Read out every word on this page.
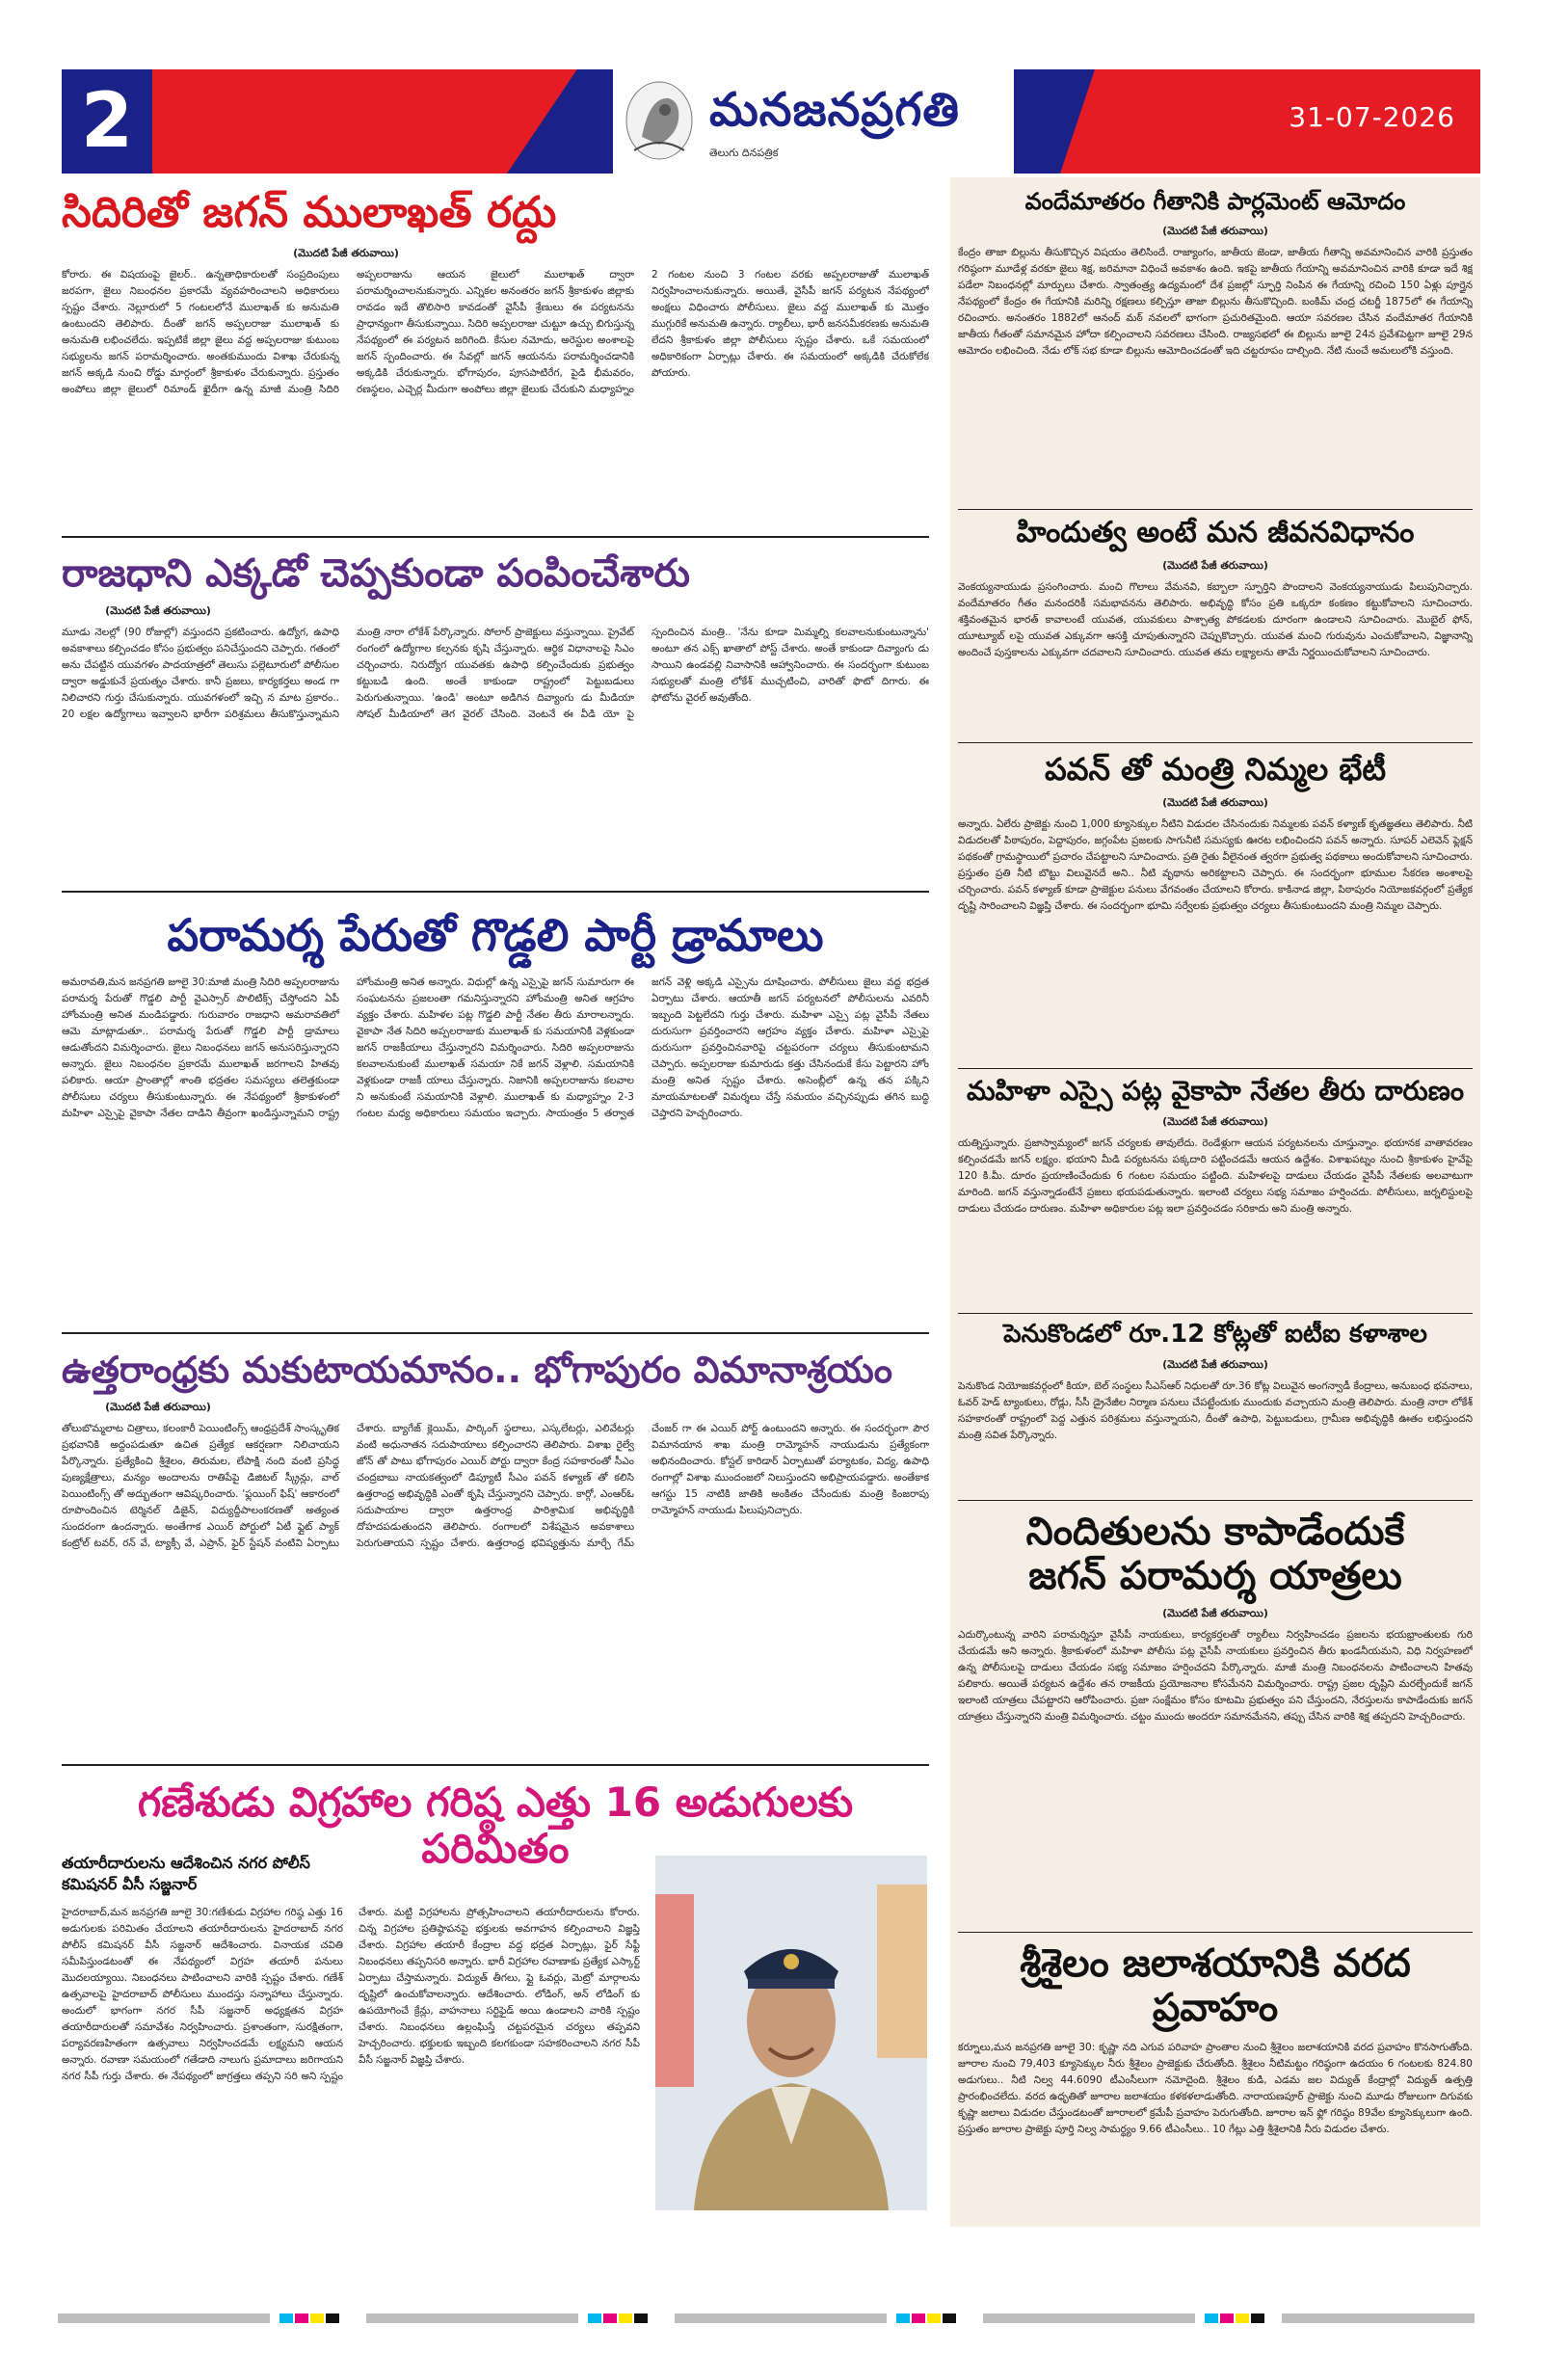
2	మనజనప్రగతి
తెలుగు దినపత్రిక
31-07-2026
సిదిరితో జగన్ ములాఖత్ రద్దు
(మొదటి పేజీ తరువాయి)
కోరారు. ఈ విషయంపై జైలర్.. ఉన్నతాధికారులతో సంప్రదింపులు జరపగా, జైలు నిబంధనల ప్రకారమే వ్యవహరించాలని అధికారులు స్పష్టం చేశారు. నెల్లూరులో 5 గంటలలోనే ములాఖత్ కు అనుమతి ఉంటుందని తెలిపారు. దీంతో జగన్ అప్పలరాజు ములాఖత్ కు అనుమతి లభించలేదు. ఇప్పటికే జిల్లా జైలు వద్ద అప్పలరాజు కుటుంబ సభ్యులను జగన్ పరామర్శించారు. అంతకుముందు విశాఖ చేరుకున్న జగన్ అక్కడి నుంచి రోడ్డు మార్గంలో శ్రీకాకుళం చేరుకున్నారు. ప్రస్తుతం అంపోలు జిల్లా జైలులో రిమాండ్ ఖైదీగా ఉన్న మాజీ మంత్రి సిదిరి అప్పలరాజును ఆయన జైలులో ములాఖత్ ద్వారా పరామర్శించాలనుకున్నారు. ఎన్నికల అనంతరం జగన్ శ్రీకాకుళం జిల్లాకు రావడం ఇదే తొలిసారి కావడంతో వైసీపీ శ్రేణులు ఈ పర్యటనను ప్రాధాన్యంగా తీసుకున్నాయి. సిదిరి అప్పలరాజు చుట్టూ ఉచ్చు బిగుస్తున్న నేపథ్యంలో ఈ పర్యటన జరిగింది. కేసుల నమోదు, అరెస్టుల అంశాలపై జగన్ స్పందించారు. ఈ సేవల్లో జగన్ ఆయనను పరామర్శించడానికి అక్కడికి చేరుకున్నారు. భోగాపురం, పూసపాటిరేగ, పైడి భీమవరం, రణస్థలం, ఎచ్చెర్ల మీదుగా అంపోలు జిల్లా జైలుకు చేరుకుని మధ్యాహ్నం 2 గంటల నుంచి 3 గంటల వరకు అప్పలరాజుతో ములాఖత్ నిర్వహించాలనుకున్నారు. అయితే, వైసీపీ జగన్ పర్యటన నేపథ్యంలో అంక్షలు విధించారు పోలీసులు. జైలు వద్ద ములాఖత్ కు మొత్తం ముగ్గురికే అనుమతి ఉన్నారు. ర్యాలీలు, భారీ జనసమీకరణకు అనుమతి లేదని శ్రీకాకుళం జిల్లా పోలీసులు స్పష్టం చేశారు. ఒకే సమయంలో అధికారికంగా ఏర్పాట్లు చేశారు. ఈ సమయంలో అక్కడికి చేరుకోలేక పోయారు.
రాజధాని ఎక్కడో చెప్పకుండా పంపించేశారు
(మొదటి పేజీ తరువాయి)
మూడు నెలల్లో (90 రోజుల్లో) వస్తుందని ప్రకటించారు. ఉద్యోగ, ఉపాధి అవకాశాలు కల్పించడం కోసం ప్రభుత్వం పనిచేస్తుందని చెప్పారు. గతంలో అను చేపట్టిన యువగళం పాదయాత్రలో తెలుసు పల్లెటూరులో పోలీసుల ద్వారా అడ్డుకునే ప్రయత్నం చేశారు. కానీ ప్రజలు, కార్యకర్తలు అండ గా నిలిచారని గుర్తు చేసుకున్నారు. యువగళంలో ఇచ్చి న మాట ప్రకారం.. 20 లక్షల ఉద్యోగాలు ఇవ్వాలని భారీగా పరిశ్రమలు తీసుకొస్తున్నామని మంత్రి నారా లోకేశ్ పేర్కొన్నారు. సోలార్ ప్రాజెక్టులు వస్తున్నాయి. ప్రైవేట్ రంగంలో ఉద్యోగాల కల్పనకు కృషి చేస్తున్నారు. ఆర్థిక విధానాలపై సిఎం చర్చించారు. నిరుద్యోగ యువతకు ఉపాధి కల్పించేందుకు ప్రభుత్వం కట్టుబడి ఉంది. అంతే కాకుండా రాష్ట్రంలో పెట్టుబడులు పెరుగుతున్నాయి. 'ఉండి' అంటూ అడిగిన దివ్యాంగు డు మీడియా సోషల్ మీడియాలో తెగ వైరల్ చేసింది. వెంటనే ఈ వీడి యో పై స్పందించిన మంత్రి.. 'నేను కూడా మిమ్మల్ని కలవాలనుకుంటున్నాను' అంటూ తన ఎక్స్ ఖాతాలో పోస్ట్ చేశారు. అంతే కాకుండా దివ్యాంగు డు సాయిని ఉండవల్లి నివాసానికి ఆహ్వానించారు. ఈ సందర్భంగా కుటుంబ సభ్యులతో మంత్రి లోకేశ్ ముచ్చటించి, వారితో ఫొటో దిగారు. ఈ ఫోటోను వైరల్ అవుతోంది.
పరామర్శ పేరుతో గొడ్డలి పార్టీ డ్రామాలు
అమరావతి,మన జనప్రగతి జూలై 30:మాజీ మంత్రి సిదిరి అప్పలరాజును పరామర్శ పేరుతో గొడ్డలి పార్టీ వైఎస్సార్ పొలిటిక్స్ చేస్తోందని ఏపీ హోంమంత్రి అనిత మండిపడ్డారు. గురువారం రాజధాని అమరావతిలో ఆమె మాట్లాడుతూ.. పరామర్శ పేరుతో గొడ్డలి పార్టీ డ్రామాలు ఆడుతోందని విమర్శించారు. జైలు నిబంధనలు జగన్ అనుసరిస్తున్నారని అన్నారు. జైలు నిబంధనల ప్రకారమే ములాఖత్ జరగాలని హితవు పలికారు. ఆయా ప్రాంతాల్లో శాంతి భద్రతల సమస్యలు తలెత్తకుండా పోలీసులు చర్యలు తీసుకుంటున్నారు. ఈ నేపథ్యంలో శ్రీకాకుళంలో మహిళా ఎస్సైపై వైకాపా నేతల దాడిని తీవ్రంగా ఖండిస్తున్నామని రాష్ట్ర హోంమంత్రి అనిత అన్నారు. విధుల్లో ఉన్న ఎస్సైపై జగన్ సుమారుగా ఈ సంఘటనను ప్రజలంతా గమనిస్తున్నారని హోంమంత్రి అనిత ఆగ్రహం వ్యక్తం చేశారు. మహిళల పట్ల గొడ్డలి పార్టీ నేతల తీరు మారాలన్నారు. వైకాపా నేత సిదిరి అప్పలరాజుకు ములాఖత్ కు సమయానికి వెళ్లకుండా జగన్ రాజకీయాలు చేస్తున్నారని విమర్శించారు. సిదిరి అప్పలరాజును కలవాలనుకుంటే ములాఖత్ సమయా నికే జగన్ వెళ్లాలి. సమయానికి వెళ్లకుండా రాజకీ యాలు చేస్తున్నారు. నిజానికి అప్పలరాజును కలవాల ని అనుకుంటే సమయానికి వెళ్లాలి. ములాఖత్ కు మధ్యాహ్నం 2-3 గంటల మధ్య అధికారులు సమయం ఇచ్చారు. సాయంత్రం 5 తర్వాత జగన్ వెళ్లి అక్కడి ఎస్సైను దూషించారు. పోలీసులు జైలు వద్ద భద్రత ఏర్పాటు చేశారు. ఆయాతీ జగన్ పర్యటనలో పోలీసులను ఎవరినీ ఇబ్బంది పెట్టలేదని గుర్తు చేశారు. మహిళా ఎస్సై పట్ల వైసీపీ నేతలు దురుసుగా ప్రవర్తించారని ఆగ్రహం వ్యక్తం చేశారు. మహిళా ఎస్సైపై దురుసుగా ప్రవర్తించినవారిపై చట్టపరంగా చర్యలు తీసుకుంటామని చెప్పారు. అప్పలరాజు కుమారుడు కత్తు చేసినందుకే కేసు పెట్టారని హోం మంత్రి అనిత స్పష్టం చేశారు. అసెంబ్లీలో ఉన్న తన పక్కిని మాయమాటలతో విమర్శలు చేస్తే సమయం వచ్చినప్పుడు తగిన బుద్ధి చెప్తారని హెచ్చరించారు.
ఉత్తరాంధ్రకు మకుటాయమానం.. భోగాపురం విమానాశ్రయం
(మొదటి పేజీ తరువాయి)
తోలుబొమ్మలాట చిత్రాలు, కలంకారీ పెయింటింగ్స్ ఆంధ్రప్రదేశ్ సాంస్కృతిక ప్రభవానికి అద్దంపడుతూ ఉచిత ప్రత్యేక ఆకర్షణగా నిలిచాయని పేర్కొన్నారు. ప్రత్యేకించి శ్రీశైలం, తిరుమల, లేపాక్షి నంది వంటి ప్రసిద్ధ పుణ్యక్షేత్రాలు, మన్యం అందాలను రాతిపేపై డిజిటల్ స్క్రీన్లు, వాల్ పెయింటింగ్స్ తో అద్భుతంగా ఆవిష్కరించారు. 'ఫ్లయింగ్ ఫిష్' ఆకారంలో రూపొందించిన టెర్మినల్ డిజైన్, విద్యుద్దీపాలంకరణతో అత్యంత సుందరంగా ఉందన్నారు. అంతేగాక ఎయిర్ పోర్టులో ఏటీ ఫ్లైట్ ప్యాక్ కంట్రోల్ టవర్, రన్ వే, ట్యాక్సీ వే, ఎప్రాన్, ఫైర్ స్టేషన్ వంటివి ఏర్పాటు చేశారు. బ్యాగేజ్ క్లెయిమ్, పార్కింగ్ స్థలాలు, ఎస్కలేటర్లు, ఎలివేటర్లు వంటి అధునాతన సదుపాయాలు కల్పించారని తెలిపారు. విశాఖ రైల్వే జోన్ తో పాటు భోగాపురం ఎయిర్ పోర్టు ద్వారా కేంద్ర సహకారంతో సీఎం చంద్రబాబు నాయకత్వంలో డిప్యూటీ సీఎం పవన్ కళ్యాణ్ తో కలిసి ఉత్తరాంధ్ర అభివృద్ధికి ఎంతో కృషి చేస్తున్నారని చెప్పారు. కార్గో, ఎంఆర్ఓ సదుపాయాల ద్వారా ఉత్తరాంధ్ర పారిశ్రామిక అభివృద్ధికి దోహదపడుతుందని తెలిపారు. రంగాలలో విశేషమైన అవకాశాలు పెరుగుతాయని స్పష్టం చేశారు. ఉత్తరాంధ్ర భవిష్యత్తును మార్చే గేమ్ చేంజర్ గా ఈ ఎయిర్ పోర్ట్ ఉంటుందని అన్నారు. ఈ సందర్భంగా పౌర విమానయాన శాఖ మంత్రి రామ్మోహన్ నాయుడును ప్రత్యేకంగా అభినందించారు. కోస్టల్ కారిడార్ ఏర్పాటుతో పర్యాటకం, విద్య, ఉపాధి రంగాల్లో విశాఖ ముందంజలో నిలుస్తుందని అభిప్రాయపడ్డారు. అంతేకాక ఆగస్టు 15 నాటికి జాతికి అంకితం చేసేందుకు మంత్రి కింజరాపు రామ్మోహన్ నాయుడు పిలుపునిచ్చారు.
గణేశుడు విగ్రహాల గరిష్ఠ ఎత్తు 16 అడుగులకు పరిమితం
తయారీదారులను ఆదేశించిన నగర పోలీస్ కమిషనర్ వీసీ సజ్జనార్
హైదరాబాద్,మన జనప్రగతి జూలై 30:గణేశుడు విగ్రహాల గరిష్ఠ ఎత్తు 16 అడుగులకు పరిమితం చేయాలని తయారీదారులను హైదరాబాద్ నగర పోలీస్ కమిషనర్ వీసీ సజ్జనార్ ఆదేశించారు. వినాయక చవితి సమీపిస్తుండటంతో ఈ నేపథ్యంలో విగ్రహ తయారీ పనులు మొదలయ్యాయి. నిబంధనలు పాటించాలని వారికి స్పష్టం చేశారు. గణేశ్ ఉత్సవాలపై హైదరాబాద్ పోలీసులు ముందస్తు సన్నాహాలు చేస్తున్నారు. అందులో భాగంగా నగర సీపీ సజ్జనార్ అధ్యక్షతన విగ్రహ తయారీదారులతో సమావేశం నిర్వహించారు. ప్రశాంతంగా, సురక్షితంగా, పర్యావరణహితంగా ఉత్సవాలు నిర్వహించడమే లక్ష్యమని ఆయన అన్నారు. రవాణా సమయంలో గతేడాది నాలుగు ప్రమాదాలు జరిగాయని నగర సీపీ గుర్తు చేశారు. ఈ నేపథ్యంలో జాగ్రత్తలు తప్పని సరి అని స్పష్టం చేశారు. మట్టి విగ్రహాలను ప్రోత్సహించాలని తయారీదారులను కోరారు. చిన్న విగ్రహాల ప్రతిష్ఠాపనపై భక్తులకు అవగాహన కల్పించాలని విజ్ఞప్తి చేశారు. విగ్రహాల తయారీ కేంద్రాల వద్ద భద్రత ఏర్పాట్లు, ఫైర్ సేఫ్టీ నిబంధనలు తప్పనిసరి అన్నారు. భారీ విగ్రహాల రవాణాకు ప్రత్యేక ఎస్కార్ట్ ఏర్పాటు చేస్తామన్నారు. విద్యుత్ తీగలు, ఫ్లై ఓవర్లు, మెట్రో మార్గాలను దృష్టిలో ఉంచుకోవాలన్నారు. ఆదేశించారు. లోడింగ్, అన్ లోడింగ్ కు ఉపయోగించే క్రేన్లు, వాహనాలు సర్టిఫైడ్ అయి ఉండాలని వారికి స్పష్టం చేశారు. నిబంధనలు ఉల్లంఘిస్తే చట్టపరమైన చర్యలు తప్పవని హెచ్చరించారు. భక్తులకు ఇబ్బంది కలగకుండా సహకరించాలని నగర సీపీ వీసీ సజ్జనార్ విజ్ఞప్తి చేశారు.
వందేమాతరం గీతానికి పార్లమెంట్ ఆమోదం
(మొదటి పేజీ తరువాయి)
కేంద్రం తాజా బిల్లును తీసుకొచ్చిన విషయం తెలిసిందే. రాజ్యాంగం, జాతీయ జెండా, జాతీయ గీతాన్ని అవమానించిన వారికి ప్రస్తుతం గరిష్ఠంగా మూడేళ్ల వరకూ జైలు శిక్ష, జరిమానా విధించే అవకాశం ఉంది. ఇకపై జాతీయ గేయాన్ని అవమానించిన వారికి కూడా ఇదే శిక్ష పడేలా నిబంధనల్లో మార్పులు చేశారు. స్వాతంత్ర్య ఉద్యమంలో దేశ ప్రజల్లో స్ఫూర్తి నింపిన ఈ గేయాన్ని రచించి 150 ఏళ్లు పూర్తైన నేపథ్యంలో కేంద్రం ఈ గేయానికి మరిన్ని రక్షణలు కల్పిస్తూ తాజా బిల్లును తీసుకొచ్చింది. బంకిమ్ చంద్ర చటర్జీ 1875లో ఈ గేయాన్ని రచించారు. అనంతరం 1882లో ఆనంద్ మఠ్ నవలలో భాగంగా ప్రచురితమైంది. ఆయా సవరణల చేసిన వందేమాతర గేయానికి జాతీయ గీతంతో సమానమైన హోదా కల్పించాలని సవరణలు చేసింది. రాజ్యసభలో ఈ బిల్లును జూలై 24న ప్రవేశపెట్టగా జూలై 29న ఆమోదం లభించింది. నేడు లోక్ సభ కూడా బిల్లును ఆమోదించడంతో ఇది చట్టరూపం దాల్చింది. నేటి నుంచే అమలులోకి వస్తుంది.
హిందుత్వ అంటే మన జీవనవిధానం
(మొదటి పేజీ తరువాయి)
వెంకయ్యనాయుడు ప్రసంగించారు. మంచి గొలాలు వేమనవి, కబ్బాలా స్ఫూర్తిని పొందాలని వెంకయ్యనాయుడు పిలుపునిచ్చారు. వందేమాతరం గీతం మనందరికీ సమభావనను తెలిపారు. అభివృద్ధి కోసం ప్రతి ఒక్కరూ కంకణం కట్టుకోవాలని సూచించారు. శక్తివంతమైన భారత్ కావాలంటే యువత, యువకులు పాశ్చాత్య పోకడలకు దూరంగా ఉండాలని సూచించారు. మొబైల్ ఫోన్, యూట్యూబ్ లపై యువత ఎక్కువగా ఆసక్తి చూపుతున్నారని చెప్పుకొచ్చారు. యువత మంచి గురువును ఎంచుకోవాలని, విజ్ఞానాన్ని అందించే పుస్తకాలను ఎక్కువగా చదవాలని సూచించారు. యువత తమ లక్ష్యాలను తామే నిర్ణయించుకోవాలని సూచించారు.
పవన్ తో మంత్రి నిమ్మల భేటీ
(మొదటి పేజీ తరువాయి)
అన్నారు. ఏలేరు ప్రాజెక్టు నుంచి 1,000 క్యూసెక్కుల నీటిని విడుదల చేసినందుకు నిమ్మలకు పవన్ కళ్యాణ్ కృతజ్ఞతలు తెలిపారు. నీటి విడుదలతో పిఠాపురం, పెద్దాపురం, జగ్గంపేట ప్రజలకు సాగునీటి సమస్యకు ఊరట లభించిందని పవన్ అన్నారు. సూపర్ ఎలెవెన్ ఫ్లెక్షన్ పథకంతో గ్రామస్థాయిలో ప్రచారం చేపట్టాలని సూచించారు. ప్రతి రైతు వీలైనంత త్వరగా ప్రభుత్వ పథకాలు అందుకోవాలని సూచించారు. ప్రస్తుతం ప్రతి నీటి బొట్టు విలువైనదే అని.. నీటి వృథాను అరికట్టాలని చెప్పారు. ఈ సందర్భంగా భూముల సేకరణ అంశాలపై చర్చించారు. పవన్ కళ్యాణ్ కూడా ప్రాజెక్టుల పనులు వేగవంతం చేయాలని కోరారు. కాకినాడ జిల్లా, పిఠాపురం నియోజకవర్గంలో ప్రత్యేక దృష్టి సారించాలని విజ్ఞప్తి చేశారు. ఈ సందర్భంగా భూమి సర్వేలకు ప్రభుత్వం చర్యలు తీసుకుంటుందని మంత్రి నిమ్మల చెప్పారు.
మహిళా ఎస్సై పట్ల వైకాపా నేతల తీరు దారుణం
(మొదటి పేజీ తరువాయి)
యత్నిస్తున్నారు. ప్రజాస్వామ్యంలో జగన్ చర్యలకు తావులేదు. రెండేళ్లుగా ఆయన పర్యటనలను చూస్తున్నాం. భయానక వాతావరణం కల్పించడమే జగన్ లక్ష్యం. భయాని మీడి పర్యటనను పక్కదారి పట్టించడమే ఆయన ఉద్దేశం. విశాఖపట్నం నుంచి శ్రీకాకుళం హైవేపై 120 కి.మీ. దూరం ప్రయాణించేందుకు 6 గంటల సమయం పట్టింది. మహిళలపై దాడులు చేయడం వైసీపీ నేతలకు అలవాటుగా మారింది. జగన్ వస్తున్నాడంటేనే ప్రజలు భయపడుతున్నారు. ఇలాంటి చర్యలు సభ్య సమాజం హర్షించదు. పోలీసులు, జర్నలిస్టులపై దాడులు చేయడం దారుణం. మహిళా అధికారుల పట్ల ఇలా ప్రవర్తించడం సరికాదు అని మంత్రి అన్నారు.
పెనుకొండలో రూ.12 కోట్లతో ఐటీఐ కళాశాల
(మొదటి పేజీ తరువాయి)
పెనుకొండ నియోజకవర్గంలో కియా, బెల్ సంస్థలు సీఎస్ఆర్ నిధులతో రూ.36 కోట్ల విలువైన అంగన్వాడీ కేంద్రాలు, అనుబంధ భవనాలు, ఓవర్ హెడ్ ట్యాంకులు, రోడ్లు, సీసీ డ్రైనేజీల నిర్మాణ పనులు చేపట్టేందుకు ముందుకు వచ్చాయని మంత్రి తెలిపారు. మంత్రి నారా లోకేశ్ సహకారంతో రాష్ట్రంలో పెద్ద ఎత్తున పరిశ్రమలు వస్తున్నాయని, దీంతో ఉపాధి, పెట్టుబడులు, గ్రామీణ అభివృద్ధికి ఊతం లభిస్తుందని మంత్రి సవిత పేర్కొన్నారు.
నిందితులను కాపాడేందుకే జగన్ పరామర్శ యాత్రలు
(మొదటి పేజీ తరువాయి)
ఎదుర్కొంటున్న వారిని పరామర్శిస్తూ వైసీపీ నాయకులు, కార్యకర్తలతో ర్యాలీలు నిర్వహించడం ప్రజలను భయభ్రాంతులకు గురి చేయడమే అని అన్నారు. శ్రీకాకుళంలో మహిళా పోలీసు పట్ల వైసీపీ నాయకులు ప్రవర్తించిన తీరు ఖండనీయమని, విధి నిర్వహణలో ఉన్న పోలీసులపై దాడులు చేయడం సభ్య సమాజం హర్షించదని పేర్కొన్నారు. మాజీ మంత్రి నిబంధనలను పాటించాలని హితవు పలికారు. అయితే పర్యటన ఉద్దేశం తన రాజకీయ ప్రయోజనాల కోసమేనని విమర్శించారు. రాష్ట్ర ప్రజల దృష్టిని మరల్చేందుకే జగన్ ఇలాంటి యాత్రలు చేపట్టారని ఆరోపించారు. ప్రజా సంక్షేమం కోసం కూటమి ప్రభుత్వం పని చేస్తుందని, నేరస్తులను కాపాడేందుకు జగన్ యాత్రలు చేస్తున్నారని మంత్రి విమర్శించారు. చట్టం ముందు అందరూ సమానమేనని, తప్పు చేసిన వారికి శిక్ష తప్పదని హెచ్చరించారు.
శ్రీశైలం జలాశయానికి వరద ప్రవాహం
కర్నూలు,మన జనప్రగతి జూలై 30: కృష్ణా నది ఎగువ పరివాహ ప్రాంతాల నుంచి శ్రీశైలం జలాశయానికి వరద ప్రవాహం కొనసాగుతోంది. జూరాల నుంచి 79,403 క్యూసెక్కుల నీరు శ్రీశైలం ప్రాజెక్టుకు చేరుతోంది. శ్రీశైలం నీటిమట్టం గరిష్ఠంగా ఉదయం 6 గంటలకు 824.80 అడుగులు.. నీటి నిల్వ 44.6090 టీఎంసీలుగా నమోదైంది. శ్రీశైలం కుడి, ఎడమ జల విద్యుత్ కేంద్రాల్లో విద్యుత్ ఉత్పత్తి ప్రారంభించలేదు. వరద ఉధృతితో జూరాల జలాశయం కళకళలాడుతోంది. నారాయణపూర్ ప్రాజెక్టు నుంచి మూడు రోజులుగా దిగువకు కృష్ణా జలాలు విడుదల చేస్తుండటంతో జూరాలలో క్రమేపీ ప్రవాహం పెరుగుతోంది. జూరాల ఇన్ ఫ్లో గరిష్ఠం 89వేల క్యూసెక్కులుగా ఉంది. ప్రస్తుతం జూరాల ప్రాజెక్టు పూర్తి నిల్వ సామర్థ్యం 9.66 టీఎంసీలు.. 10 గేట్లు ఎత్తి శ్రీశైలానికి నీరు విడుదల చేశారు.
